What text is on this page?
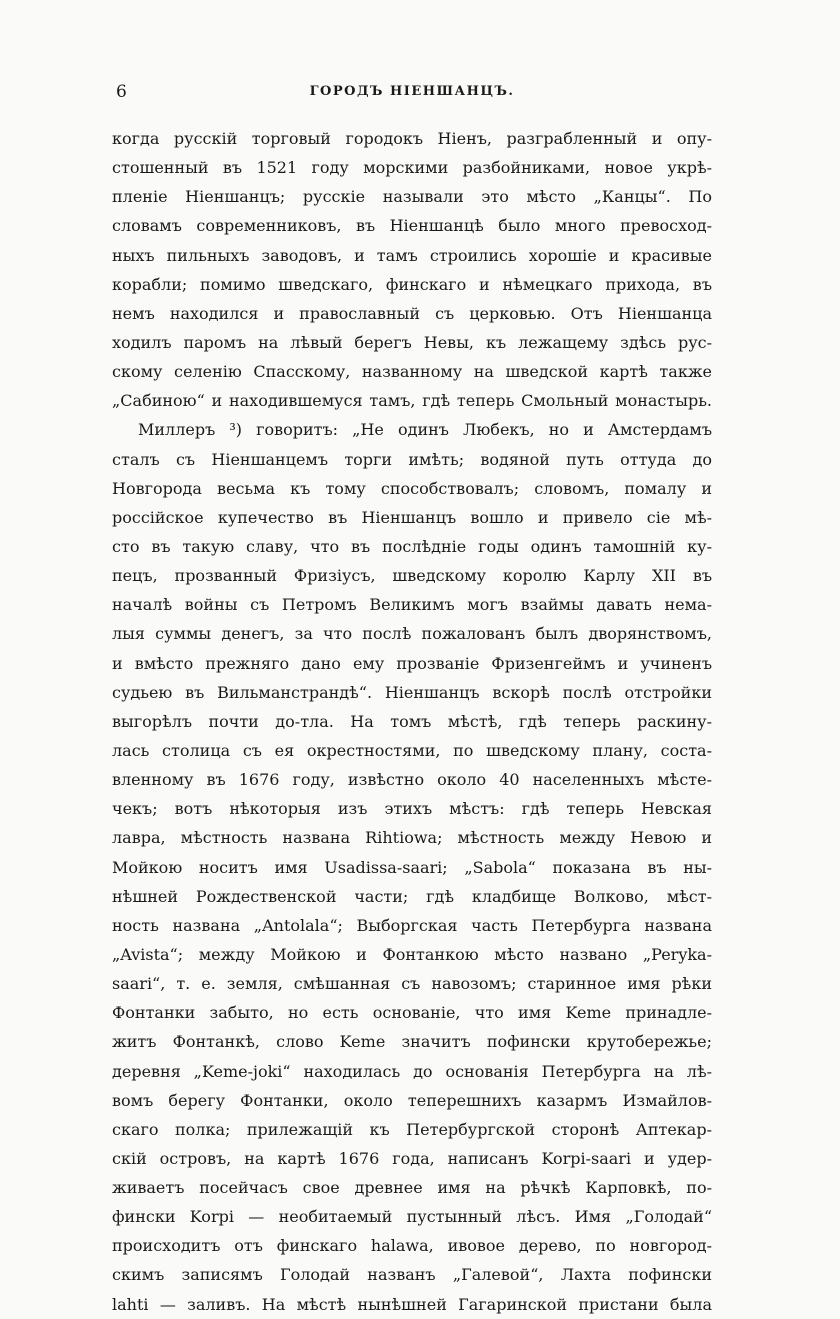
6	ГОРОДЪ НІЕНШАНЦЪ.
когда русскій торговый городокъ Ніенъ, разграбленный и опу-
стошенный въ 1521 году морскими разбойниками, новое укрѣ-
пленіе Ніеншанцъ; русскіе называли это мѣсто „Канцы“. По
словамъ современниковъ, въ Ніеншанцѣ было много превосход-
ныхъ пильныхъ заводовъ, и тамъ строились хорошіе и красивые
корабли; помимо шведскаго, финскаго и нѣмецкаго прихода, въ
немъ находился и православный съ церковью. Отъ Ніеншанца
ходилъ паромъ на лѣвый берегъ Невы, къ лежащему здѣсь рус-
скому селенію Спасскому, названному на шведской картѣ также
„Сабиною“ и находившемуся тамъ, гдѣ теперь Смольный монастырь.
Миллеръ ³) говоритъ: „Не одинъ Любекъ, но и Амстердамъ
сталъ съ Ніеншанцемъ торги имѣть; водяной путь оттуда до
Новгорода весьма къ тому способствовалъ; словомъ, помалу и
россійское купечество въ Ніеншанцъ вошло и привело сіе мѣ-
сто въ такую славу, что въ послѣдніе годы одинъ тамошній ку-
пецъ, прозванный Фризіусъ, шведскому королю Карлу XII въ
началѣ войны съ Петромъ Великимъ могъ взаймы давать нема-
лыя суммы денегъ, за что послѣ пожалованъ былъ дворянствомъ,
и вмѣсто прежняго дано ему прозваніе Фризенгеймъ и учиненъ
судьею въ Вильманстрандѣ“. Ніеншанцъ вскорѣ послѣ отстройки
выгорѣлъ почти до-тла. На томъ мѣстѣ, гдѣ теперь раскину-
лась столица съ ея окрестностями, по шведскому плану, соста-
вленному въ 1676 году, извѣстно около 40 населенныхъ мѣсте-
чекъ; вотъ нѣкоторыя изъ этихъ мѣстъ: гдѣ теперь Невская
лавра, мѣстность названа Rihtiowa; мѣстность между Невою и
Мойкою носитъ имя Usadissa-saari; „Sabola“ показана въ ны-
нѣшней Рождественской части; гдѣ кладбище Волково, мѣст-
ность названа „Antolala“; Выборгская часть Петербурга названа
„Avista“; между Мойкою и Фонтанкою мѣсто названо „Peryka-
saari“, т. е. земля, смѣшанная съ навозомъ; старинное имя рѣки
Фонтанки забыто, но есть основаніе, что имя Keme принадле-
житъ Фонтанкѣ, слово Keme значитъ пофински крутобережье;
деревня „Keme-joki“ находилась до основанія Петербурга на лѣ-
вомъ берегу Фонтанки, около теперешнихъ казармъ Измайлов-
скаго полка; прилежащій къ Петербургской сторонѣ Аптекар-
скій островъ, на картѣ 1676 года, написанъ Korpi-saari и удер-
живаетъ посейчасъ свое древнее имя на рѣчкѣ Карповкѣ, по-
фински Korpi — необитаемый пустынный лѣсъ. Имя „Голодай“
происходитъ отъ финскаго halawa, ивовое дерево, по новгород-
скимъ записямъ Голодай названъ „Галевой“, Лахта пофински
lahti — заливъ. На мѣстѣ нынѣшней Гагаринской пристани была
